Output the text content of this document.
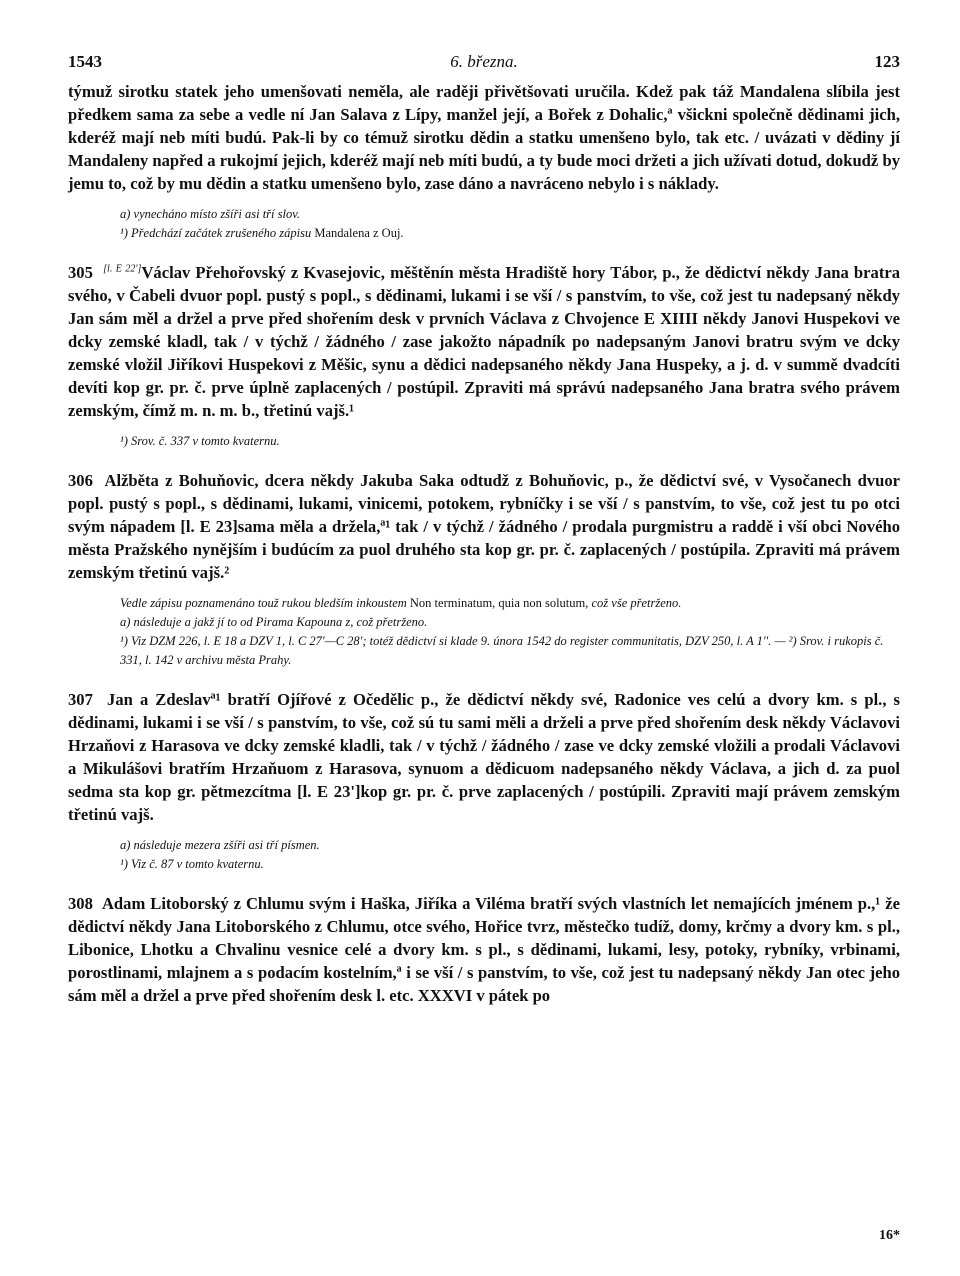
1543	6. března.	123

týmuž sirotku statek jeho umenšovati neměla, ale raději přivětšovati uručila. Kdež pak táž Mandalena slíbila jest předkem sama za sebe a vedle ní Jan Salava z Lípy, manžel její, a Bořek z Dohalic,ª všickni společně dědinami jich, kderéž mají neb míti budú. Pak-li by co témuž sirotku dědin a statku umenšeno bylo, tak etc. / uvázati v dědiny jí Mandaleny napřed a rukojmí jejich, kderéž mají neb míti budú, a ty bude moci držeti a jich užívati dotud, dokudž by jemu to, což by mu dědin a statku umenšeno bylo, zase dáno a navráceno nebylo i s náklady.

a) vynecháno místo zšíři asi tří slov.

¹) Předchází začátek zrušeného zápisu Mandalena z Ouj.

305 [l. E 22']Václav Přehořovský z Kvasejovic, měštěnín města Hradiště hory Tábor, p., že dědictví někdy Jana bratra svého, v Čabeli dvuor popl. pustý s popl., s dědinami, lukami i se vší / s panstvím, to vše, což jest tu nadepsaný někdy Jan sám měl a držel a prve před shořením desk v prvních Václava z Chvojence E XIIII někdy Janovi Huspekovi ve dcky zemské kladl, tak / v týchž / žádného / zase jakožto nápadník po nadepsaným Janovi bratru svým ve dcky zemské vložil Jiříkovi Huspekovi z Měšic, synu a dědici nadepsaného někdy Jana Huspeky, a j. d. v summě dvadcíti devíti kop gr. pr. č. prve úplně zaplacených / postúpil. Zpraviti má správú nadepsaného Jana bratra svého právem zemským, čímž m. n. m. b., třetinú vajš.¹

¹) Srov. č. 337 v tomto kvaternu.

306 Alžběta z Bohuňovic, dcera někdy Jakuba Saka odtudž z Bohuňovic, p., že dědictví své, v Vysočanech dvuor popl. pustý s popl., s dědinami, lukami, vinicemi, potokem, rybníčky i se vší / s panstvím, to vše, což jest tu po otci svým nápadem [l. E 23]sama měla a držela,ª¹ tak / v týchž / žádného / prodala purgmistru a raddě i vší obci Nového města Pražského nynějším i budúcím za puol druhého sta kop gr. pr. č. zaplacených / postúpila. Zpraviti má právem zemským třetinú vajš.²

Vedle zápisu poznamenáno touž rukou bledším inkoustem Non terminatum, quia non solutum, což vše přetrženo.

a) následuje a jakž jí to od Pirama Kapouna z, což přetrženo.

¹) Viz DZM 226, l. E 18 a DZV 1, l. C 27'—C 28'; totéž dědictví si klade 9. února 1542 do register communitatis, DZV 250, l. A 1''. — ²) Srov. i rukopis č. 331, l. 142 v archivu města Prahy.

307 Jan a Zdeslavª¹ bratří Ojířové z Očedělic p., že dědictví někdy své, Radonice ves celú a dvory km. s pl., s dědinami, lukami i se vší / s panstvím, to vše, což sú tu sami měli a drželi a prve před shořením desk někdy Václavovi Hrzaňovi z Harasova ve dcky zemské kladli, tak / v týchž / žádného / zase ve dcky zemské vložili a prodali Václavovi a Mikulášovi bratřím Hrzaňuom z Harasova, synuom a dědicuom nadepsaného někdy Václava, a jich d. za puol sedma sta kop gr. pětmezcítma [l. E 23']kop gr. pr. č. prve zaplacených / postúpili. Zpraviti mají právem zemským třetinú vajš.

a) následuje mezera zšíři asi tří písmen.

¹) Viz č. 87 v tomto kvaternu.

308 Adam Litoborský z Chlumu svým i Haška, Jiříka a Viléma bratří svých vlastních let nemajících jménem p.,¹ že dědictví někdy Jana Litoborského z Chlumu, otce svého, Hořice tvrz, městečko tudíž, domy, krčmy a dvory km. s pl., Libonice, Lhotku a Chvalinu vesnice celé a dvory km. s pl., s dědinami, lukami, lesy, potoky, rybníky, vrbinami, porostlinami, mlajnem a s podacím kostelním,ª i se vší / s panstvím, to vše, což jest tu nadepsaný někdy Jan otec jeho sám měl a držel a prve před shořením desk l. etc. XXXVI v pátek po

16*
